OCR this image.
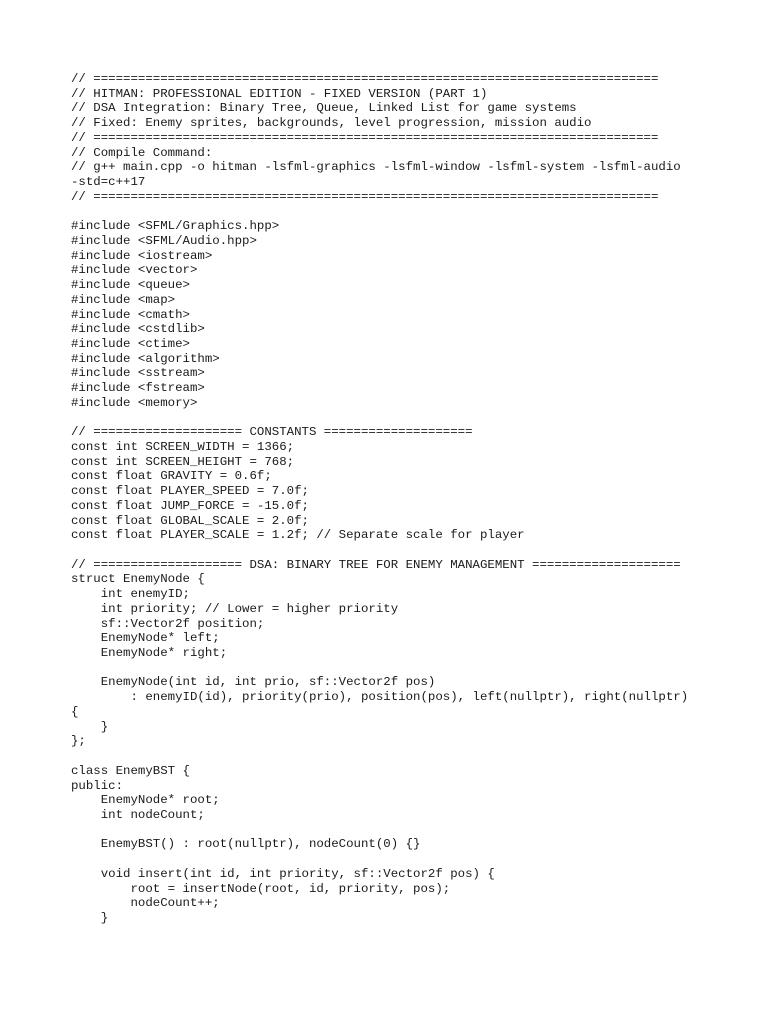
// ============================================================================
// HITMAN: PROFESSIONAL EDITION - FIXED VERSION (PART 1)
// DSA Integration: Binary Tree, Queue, Linked List for game systems
// Fixed: Enemy sprites, backgrounds, level progression, mission audio
// ============================================================================
// Compile Command:
// g++ main.cpp -o hitman -lsfml-graphics -lsfml-window -lsfml-system -lsfml-audio
-std=c++17
// ============================================================================
#include <SFML/Graphics.hpp>
#include <SFML/Audio.hpp>
#include <iostream>
#include <vector>
#include <queue>
#include <map>
#include <cmath>
#include <cstdlib>
#include <ctime>
#include <algorithm>
#include <sstream>
#include <fstream>
#include <memory>
// ==================== CONSTANTS ====================
const int SCREEN_WIDTH = 1366;
const int SCREEN_HEIGHT = 768;
const float GRAVITY = 0.6f;
const float PLAYER_SPEED = 7.0f;
const float JUMP_FORCE = -15.0f;
const float GLOBAL_SCALE = 2.0f;
const float PLAYER_SCALE = 1.2f; // Separate scale for player
// ==================== DSA: BINARY TREE FOR ENEMY MANAGEMENT ====================
struct EnemyNode {
int enemyID;
int priority; // Lower = higher priority
sf::Vector2f position;
EnemyNode* left;
EnemyNode* right;
EnemyNode(int id, int prio, sf::Vector2f pos)
: enemyID(id), priority(prio), position(pos), left(nullptr), right(nullptr)
{
}
};
class EnemyBST {
public:
EnemyNode* root;
int nodeCount;
EnemyBST() : root(nullptr), nodeCount(0) {}
void insert(int id, int priority, sf::Vector2f pos) {
root = insertNode(root, id, priority, pos);
nodeCount++;
}
